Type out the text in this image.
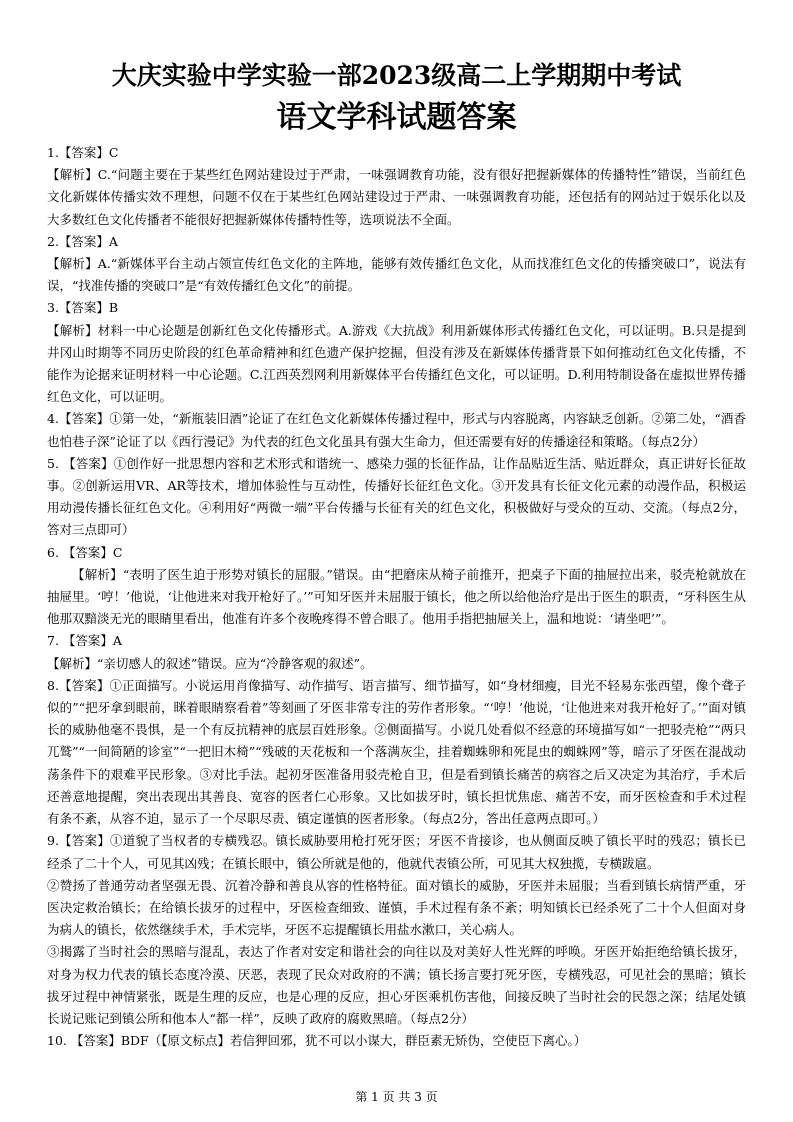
大庆实验中学实验一部2023级高二上学期期中考试
语文学科试题答案

1.【答案】C

【解析】C.“问题主要在于某些红色网站建设过于严肃，一味强调教育功能，没有很好把握新媒体的传播特性”错误，当前红色文化新媒体传播实效不理想，问题不仅在于某些红色网站建设过于严肃、一味强调教育功能，还包括有的网站过于娱乐化以及大多数红色文化传播者不能很好把握新媒体传播特性等，选项说法不全面。

2.【答案】A

【解析】A.“新媒体平台主动占领宣传红色文化的主阵地，能够有效传播红色文化，从而找准红色文化的传播突破口”，说法有误，“找准传播的突破口”是“有效传播红色文化”的前提。

3.【答案】B

【解析】材料一中心论题是创新红色文化传播形式。A.游戏《大抗战》利用新媒体形式传播红色文化，可以证明。B.只是提到井冈山时期等不同历史阶段的红色革命精神和红色遗产保护挖掘，但没有涉及在新媒体传播背景下如何推动红色文化传播，不能作为论据来证明材料一中心论题。C.江西英烈网利用新媒体平台传播红色文化，可以证明。D.利用特制设备在虚拟世界传播红色文化，可以证明。

4.【答案】①第一处，“新瓶装旧酒”论证了在红色文化新媒体传播过程中，形式与内容脱离，内容缺乏创新。②第二处，“酒香也怕巷子深”论证了以《西行漫记》为代表的红色文化虽具有强大生命力，但还需要有好的传播途径和策略。（每点2分）

5. 【答案】①创作好一批思想内容和艺术形式和谐统一、感染力强的长征作品，让作品贴近生活、贴近群众，真正讲好长征故事。②创新运用VR、AR等技术，增加体验性与互动性，传播好长征红色文化。③开发具有长征文化元素的动漫作品，积极运用动漫传播长征红色文化。④利用好“两微一端”平台传播与长征有关的红色文化，积极做好与受众的互动、交流。（每点2分，答对三点即可）

6. 【答案】C

【解析】“表明了医生迫于形势对镇长的屈服。”错误。由“把磨床从椅子前推开，把桌子下面的抽屉拉出来，驳壳枪就放在抽屉里。‘哼！’他说，‘让他进来对我开枪好了。’”可知牙医并未屈服于镇长，他之所以给他治疗是出于医生的职责，“牙科医生从他那双黯淡无光的眼睛里看出，他准有许多个夜晚疼得不曾合眼了。他用手指把抽屉关上，温和地说：‘请坐吧’”。

7. 【答案】A

【解析】“亲切感人的叙述”错误。应为“冷静客观的叙述”。

8.【答案】①正面描写。小说运用肖像描写、动作描写、语言描写、细节描写，如“身材细瘦，目光不轻易东张西望，像个聋子似的”“把牙拿到眼前，眯着眼睛察看着”等刻画了牙医非常专注的劳作者形象。“‘哼！’他说，‘让他进来对我开枪好了。’”面对镇长的威胁他毫不畏惧，是一个有反抗精神的底层百姓形象。②侧面描写。小说几处看似不经意的环境描写如“一把驳壳枪”“两只兀鹫”“一间简陋的诊室”“一把旧木椅”“残破的天花板和一个落满灰尘，挂着蜘蛛卵和死昆虫的蜘蛛网”等，暗示了牙医在混战动荡条件下的艰难平民形象。③对比手法。起初牙医准备用驳壳枪自卫，但是看到镇长痛苦的病容之后又决定为其治疗，手术后还善意地提醒，突出表现出其善良、宽容的医者仁心形象。又比如拔牙时，镇长担忧焦虑、痛苦不安，而牙医检查和手术过程有条不紊，从容不迫，显示了一个尽职尽责、镇定谨慎的医者形象。（每点2分，答出任意两点即可。）

9.【答案】①道貌了当权者的专横残忍。镇长威胁要用枪打死牙医；牙医不肯接诊，也从侧面反映了镇长平时的残忍；镇长已经杀了二十个人，可见其凶残；在镇长眼中，镇公所就是他的，他就代表镇公所，可见其大权独揽，专横跋扈。

②赞扬了普通劳动者坚强无畏、沉着冷静和善良从容的性格特征。面对镇长的威胁，牙医并未屈服；当看到镇长病情严重，牙医决定救治镇长；在给镇长拔牙的过程中，牙医检查细致、谨慎，手术过程有条不紊；明知镇长已经杀死了二十个人但面对身为病人的镇长，依然继续手术，手术完毕，牙医不忘提醒镇长用盐水漱口，关心病人。

③揭露了当时社会的黑暗与混乱，表达了作者对安定和谐社会的向往以及对美好人性光辉的呼唤。牙医开始拒绝给镇长拔牙，对身为权力代表的镇长态度冷漠、厌恶，表现了民众对政府的不满；镇长扬言要打死牙医，专横残忍，可见社会的黑暗；镇长拔牙过程中神情紧张，既是生理的反应，也是心理的反应，担心牙医乘机伤害他，间接反映了当时社会的民怨之深；结尾处镇长说记账记到镇公所和他本人“都一样”，反映了政府的腐败黑暗。（每点2分）

10. 【答案】BDF（【原文标点】若信狎回邪，犹不可以小谋大，群臣素无矫伪，空使臣下离心。）

第 1 页 共 3 页
